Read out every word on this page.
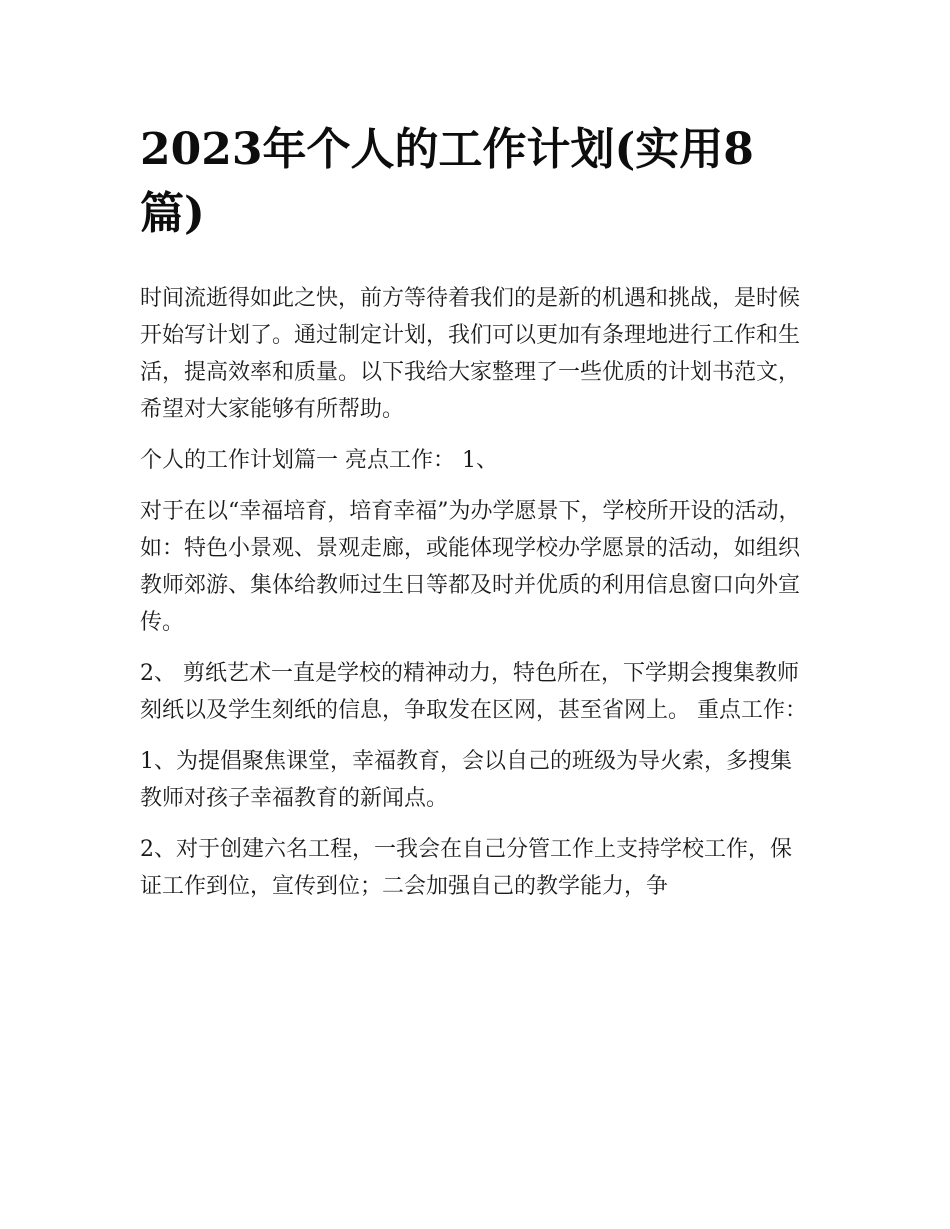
2023年个人的工作计划(实用8篇)

时间流逝得如此之快，前方等待着我们的是新的机遇和挑战，是时候开始写计划了。通过制定计划，我们可以更加有条理地进行工作和生活，提高效率和质量。以下我给大家整理了一些优质的计划书范文，希望对大家能够有所帮助。

个人的工作计划篇一 亮点工作： 1、

对于在以“幸福培育，培育幸福”为办学愿景下，学校所开设的活动，如：特色小景观、景观走廊，或能体现学校办学愿景的活动，如组织教师郊游、集体给教师过生日等都及时并优质的利用信息窗口向外宣传。

2、 剪纸艺术一直是学校的精神动力，特色所在，下学期会搜集教师刻纸以及学生刻纸的信息，争取发在区网，甚至省网上。 重点工作：

1、为提倡聚焦课堂，幸福教育，会以自己的班级为导火索，多搜集教师对孩子幸福教育的新闻点。

2、对于创建六名工程，一我会在自己分管工作上支持学校工作，保证工作到位，宣传到位；二会加强自己的教学能力，争
